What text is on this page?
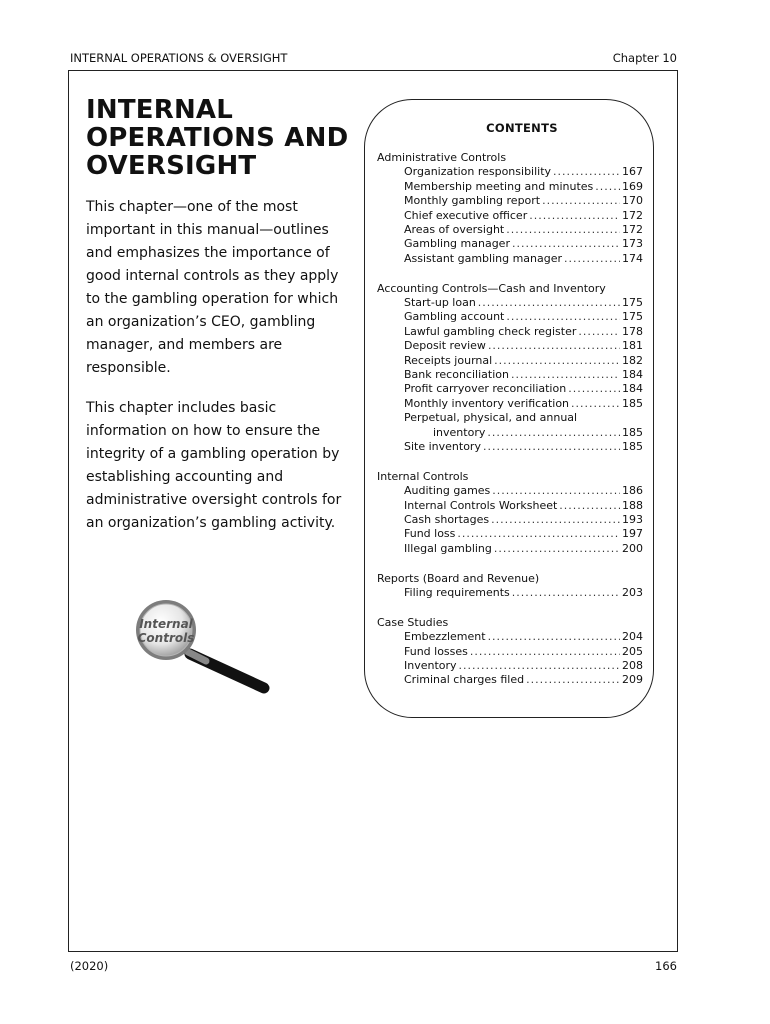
INTERNAL OPERATIONS & OVERSIGHT	Chapter 10
INTERNAL
OPERATIONS AND
OVERSIGHT

This chapter—one of the most important in this manual—outlines and emphasizes the importance of good internal controls as they apply to the gambling operation for which an organization’s CEO, gambling manager, and members are responsible.

This chapter includes basic information on how to ensure the integrity of a gambling operation by establishing accounting and administrative oversight controls for an organization’s gambling activity.

Internal
Controls
CONTENTS
Administrative Controls
Organization responsibility .....	167
Membership meeting and minutes .....	169
Monthly gambling report .....	170
Chief executive officer .....	172
Areas of oversight .....	172
Gambling manager .....	173
Assistant gambling manager .....	174
Accounting Controls—Cash and Inventory
Start-up loan .....	175
Gambling account .....	175
Lawful gambling check register .....	178
Deposit review .....	181
Receipts journal .....	182
Bank reconciliation .....	184
Profit carryover reconciliation .....	184
Monthly inventory verification .....	185
Perpetual, physical, and annual
inventory .....	185
Site inventory .....	185
Internal Controls
Auditing games .....	186
Internal Controls Worksheet .....	188
Cash shortages .....	193
Fund loss .....	197
Illegal gambling .....	200
Reports (Board and Revenue)
Filing requirements .....	203
Case Studies
Embezzlement .....	204
Fund losses .....	205
Inventory .....	208
Criminal charges filed .....	209
(2020)	166
